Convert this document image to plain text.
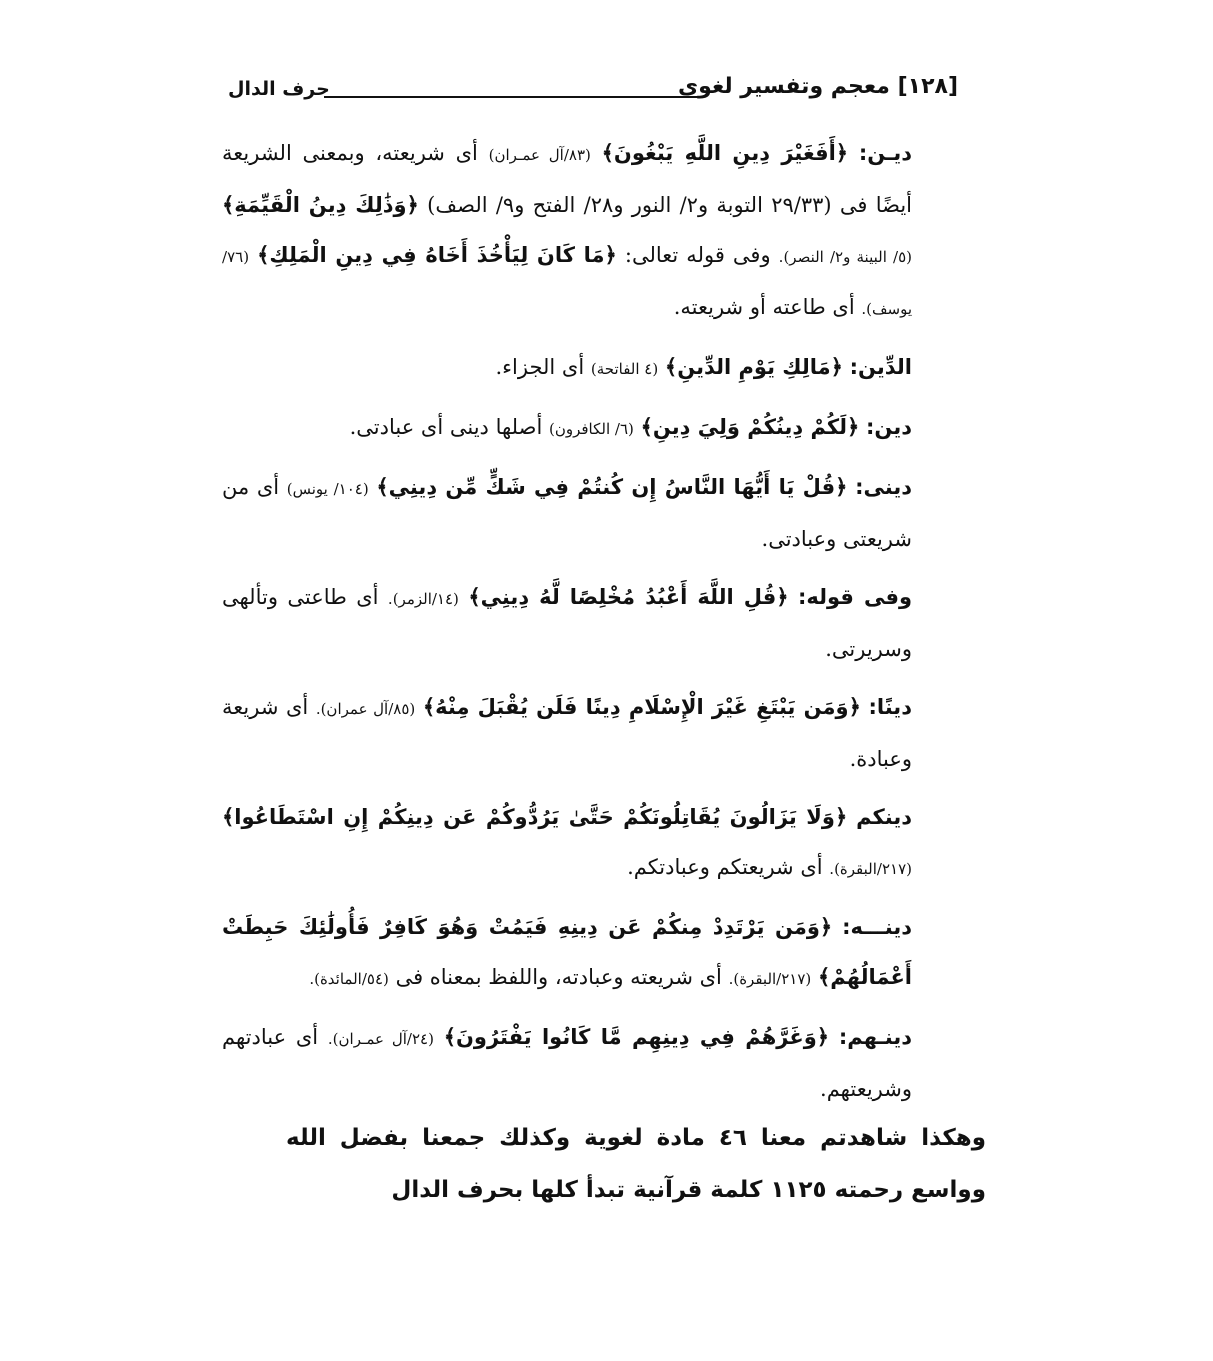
[١٢٨] معجم وتفسير لغوى
حرف الدال

ديـن: ﴿أَفَغَيْرَ دِينِ اللَّهِ يَبْغُونَ﴾ (٨٣/آل عمـران) أى شريعته، وبمعنى الشريعة أيضًا فى (٢٩/٣٣ التوبة و٢/ النور و٢٨/ الفتح و٩/ الصف) ﴿وَذَٰلِكَ دِينُ الْقَيِّمَةِ﴾ (٥/ البينة و٢/ النصر). وفى قوله تعالى: ﴿مَا كَانَ لِيَأْخُذَ أَخَاهُ فِي دِينِ الْمَلِكِ﴾ (٧٦/ يوسف). أى طاعته أو شريعته.

الدِّين: ﴿مَالِكِ يَوْمِ الدِّينِ﴾ (٤ الفاتحة) أى الجزاء.

دين: ﴿لَكُمْ دِينُكُمْ وَلِيَ دِينِ﴾ (٦/ الكافرون) أصلها دينى أى عبادتى.

دينى: ﴿قُلْ يَا أَيُّهَا النَّاسُ إِن كُنتُمْ فِي شَكٍّ مِّن دِينِي﴾ (١٠٤/ يونس) أى من شريعتى وعبادتى.

وفى قوله: ﴿قُلِ اللَّهَ أَعْبُدُ مُخْلِصًا لَّهُ دِينِي﴾ (١٤/الزمر). أى طاعتى وتألهى وسريرتى.

دينًا: ﴿وَمَن يَبْتَغِ غَيْرَ الْإِسْلَامِ دِينًا فَلَن يُقْبَلَ مِنْهُ﴾ (٨٥/آل عمران). أى شريعة وعبادة.

دينكم ﴿وَلَا يَزَالُونَ يُقَاتِلُونَكُمْ حَتَّىٰ يَرُدُّوكُمْ عَن دِينِكُمْ إِنِ اسْتَطَاعُوا﴾ (٢١٧/البقرة). أى شريعتكم وعبادتكم.

دينـــه: ﴿وَمَن يَرْتَدِدْ مِنكُمْ عَن دِينِهِ فَيَمُتْ وَهُوَ كَافِرٌ فَأُولَٰئِكَ حَبِطَتْ أَعْمَالُهُمْ﴾ (٢١٧/البقرة). أى شريعته وعبادته، واللفظ بمعناه فى (٥٤/المائدة).

دينـهم: ﴿وَغَرَّهُمْ فِي دِينِهِم مَّا كَانُوا يَفْتَرُونَ﴾ (٢٤/آل عمـران). أى عبادتهم وشريعتهم.

وهكذا شاهدتم معنا ٤٦ مادة لغوية وكذلك جمعنا بفضل الله وواسع رحمته ١١٢٥ كلمة قرآنية تبدأ كلها بحرف الدال
